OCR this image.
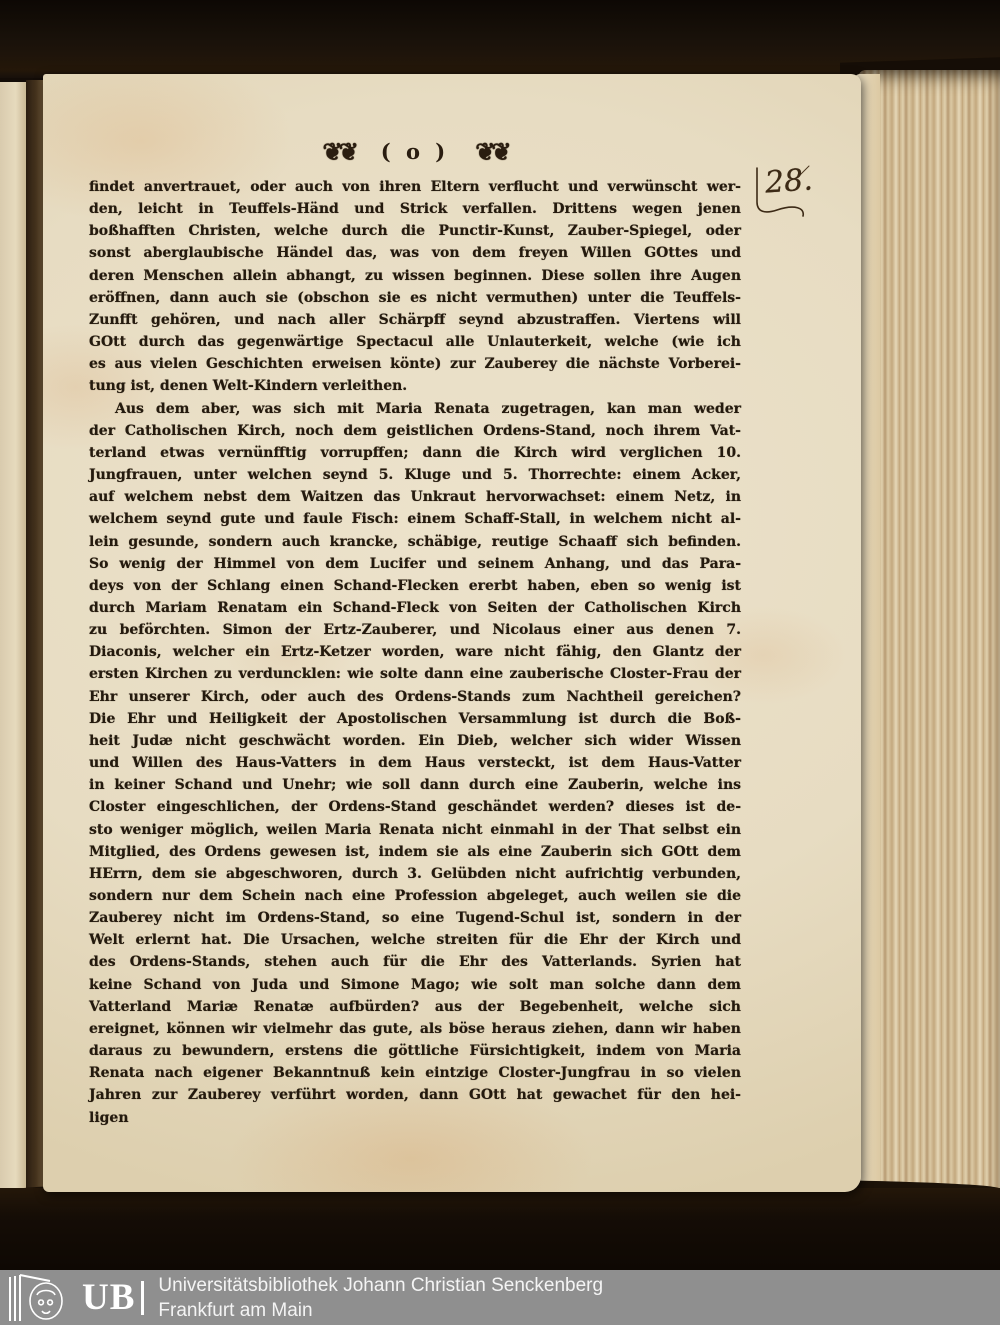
28.
❦❦ ( o ) ❦❦
findet anvertrauet, oder auch von ihren Eltern verflucht und verwünscht wer-
den, leicht in Teuffels-Händ und Strick verfallen. Drittens wegen jenen
boßhafften Christen, welche durch die Punctir-Kunst, Zauber-Spiegel, oder
sonst aberglaubische Händel das, was von dem freyen Willen GOttes und
deren Menschen allein abhangt, zu wissen beginnen. Diese sollen ihre Augen
eröffnen, dann auch sie (obschon sie es nicht vermuthen) unter die Teuffels-
Zunfft gehören, und nach aller Schärpff seynd abzustraffen. Viertens will
GOtt durch das gegenwärtige Spectacul alle Unlauterkeit, welche (wie ich
es aus vielen Geschichten erweisen könte) zur Zauberey die nächste Vorberei-
tung ist, denen Welt-Kindern verleithen.
Aus dem aber, was sich mit Maria Renata zugetragen, kan man weder
der Catholischen Kirch, noch dem geistlichen Ordens-Stand, noch ihrem Vat-
terland etwas vernünfftig vorrupffen; dann die Kirch wird verglichen 10.
Jungfrauen, unter welchen seynd 5. Kluge und 5. Thorrechte: einem Acker,
auf welchem nebst dem Waitzen das Unkraut hervorwachset: einem Netz, in
welchem seynd gute und faule Fisch: einem Schaff-Stall, in welchem nicht al-
lein gesunde, sondern auch krancke, schäbige, reutige Schaaff sich befinden.
So wenig der Himmel von dem Lucifer und seinem Anhang, und das Para-
deys von der Schlang einen Schand-Flecken ererbt haben, eben so wenig ist
durch Mariam Renatam ein Schand-Fleck von Seiten der Catholischen Kirch
zu beförchten. Simon der Ertz-Zauberer, und Nicolaus einer aus denen 7.
Diaconis, welcher ein Ertz-Ketzer worden, ware nicht fähig, den Glantz der
ersten Kirchen zu verduncklen: wie solte dann eine zauberische Closter-Frau der
Ehr unserer Kirch, oder auch des Ordens-Stands zum Nachtheil gereichen?
Die Ehr und Heiligkeit der Apostolischen Versammlung ist durch die Boß-
heit Judæ nicht geschwächt worden. Ein Dieb, welcher sich wider Wissen
und Willen des Haus-Vatters in dem Haus versteckt, ist dem Haus-Vatter
in keiner Schand und Unehr; wie soll dann durch eine Zauberin, welche ins
Closter eingeschlichen, der Ordens-Stand geschändet werden? dieses ist de-
sto weniger möglich, weilen Maria Renata nicht einmahl in der That selbst ein
Mitglied, des Ordens gewesen ist, indem sie als eine Zauberin sich GOtt dem
HErrn, dem sie abgeschworen, durch 3. Gelübden nicht aufrichtig verbunden,
sondern nur dem Schein nach eine Profession abgeleget, auch weilen sie die
Zauberey nicht im Ordens-Stand, so eine Tugend-Schul ist, sondern in der
Welt erlernt hat. Die Ursachen, welche streiten für die Ehr der Kirch und
des Ordens-Stands, stehen auch für die Ehr des Vatterlands. Syrien hat
keine Schand von Juda und Simone Mago; wie solt man solche dann dem
Vatterland Mariæ Renatæ aufbürden? aus der Begebenheit, welche sich
ereignet, können wir vielmehr das gute, als böse heraus ziehen, dann wir haben
daraus zu bewundern, erstens die göttliche Fürsichtigkeit, indem von Maria
Renata nach eigener Bekanntnuß kein eintzige Closter-Jungfrau in so vielen
Jahren zur Zauberey verführt worden, dann GOtt hat gewachet für den hei-
ligen
UB Universitätsbibliothek Johann Christian Senckenberg
Frankfurt am Main
